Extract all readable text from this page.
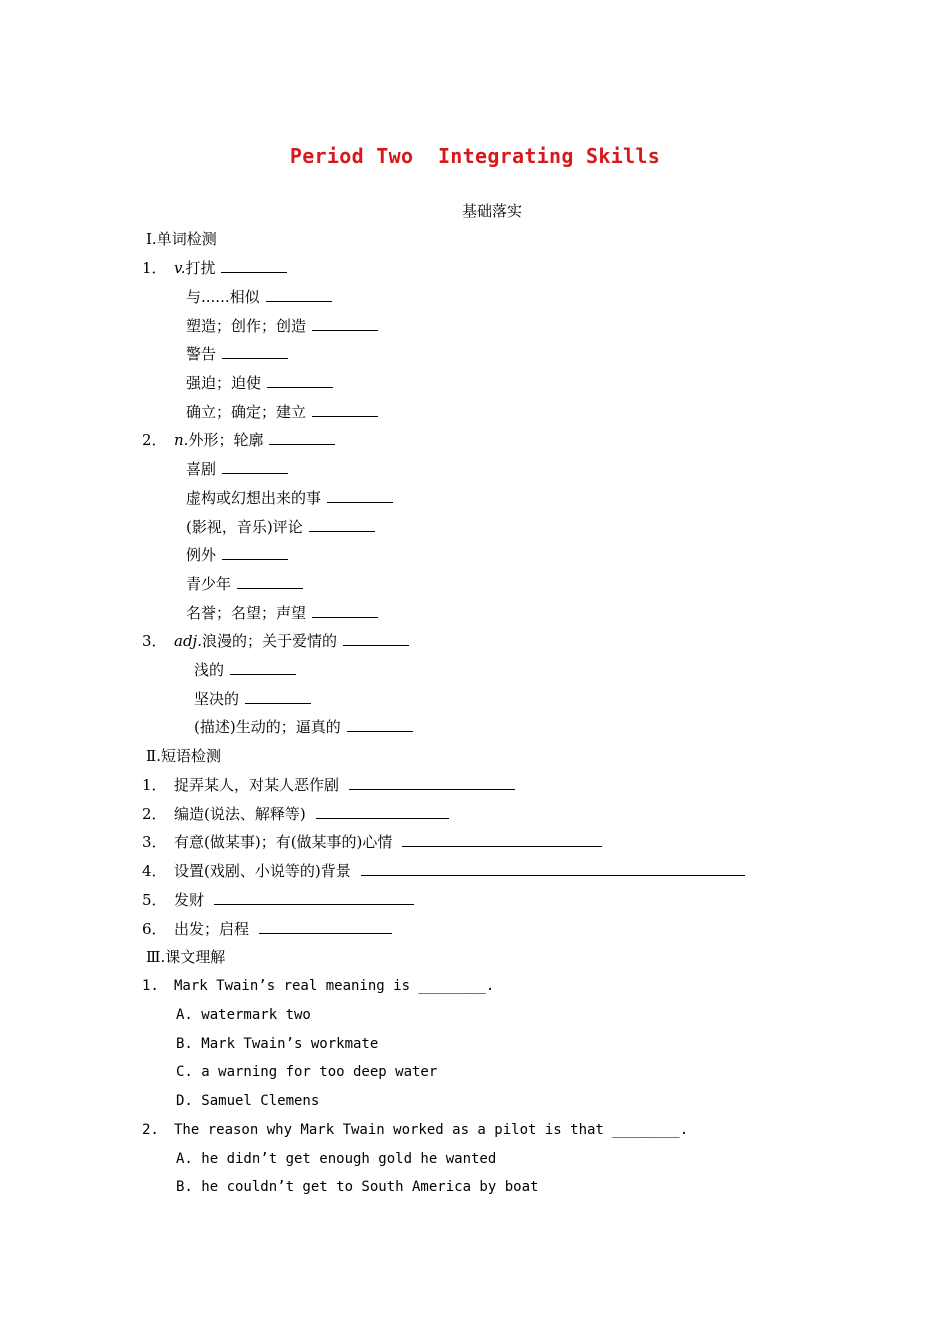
Period Two  Integrating Skills
基础落实
Ⅰ.单词检测
1． v.打扰
与......相似
塑造；创作；创造
警告
强迫；迫使
确立；确定；建立
2． n.外形；轮廓
喜剧
虚构或幻想出来的事
(影视，音乐)评论
例外
青少年
名誉；名望；声望
3． adj.浪漫的；关于爱情的
浅的
坚决的
(描述)生动的；逼真的
Ⅱ.短语检测
1． 捉弄某人，对某人恶作剧
2． 编造(说法、解释等)
3． 有意(做某事)；有(做某事的)心情
4． 设置(戏剧、小说等的)背景
5． 发财
6． 出发；启程
Ⅲ.课文理解
1. Mark Twain’s real meaning is ________.
A. watermark two
B. Mark Twain’s workmate
C. a warning for too deep water
D. Samuel Clemens
2. The reason why Mark Twain worked as a pilot is that ________.
A. he didn’t get enough gold he wanted
B. he couldn’t get to South America by boat
